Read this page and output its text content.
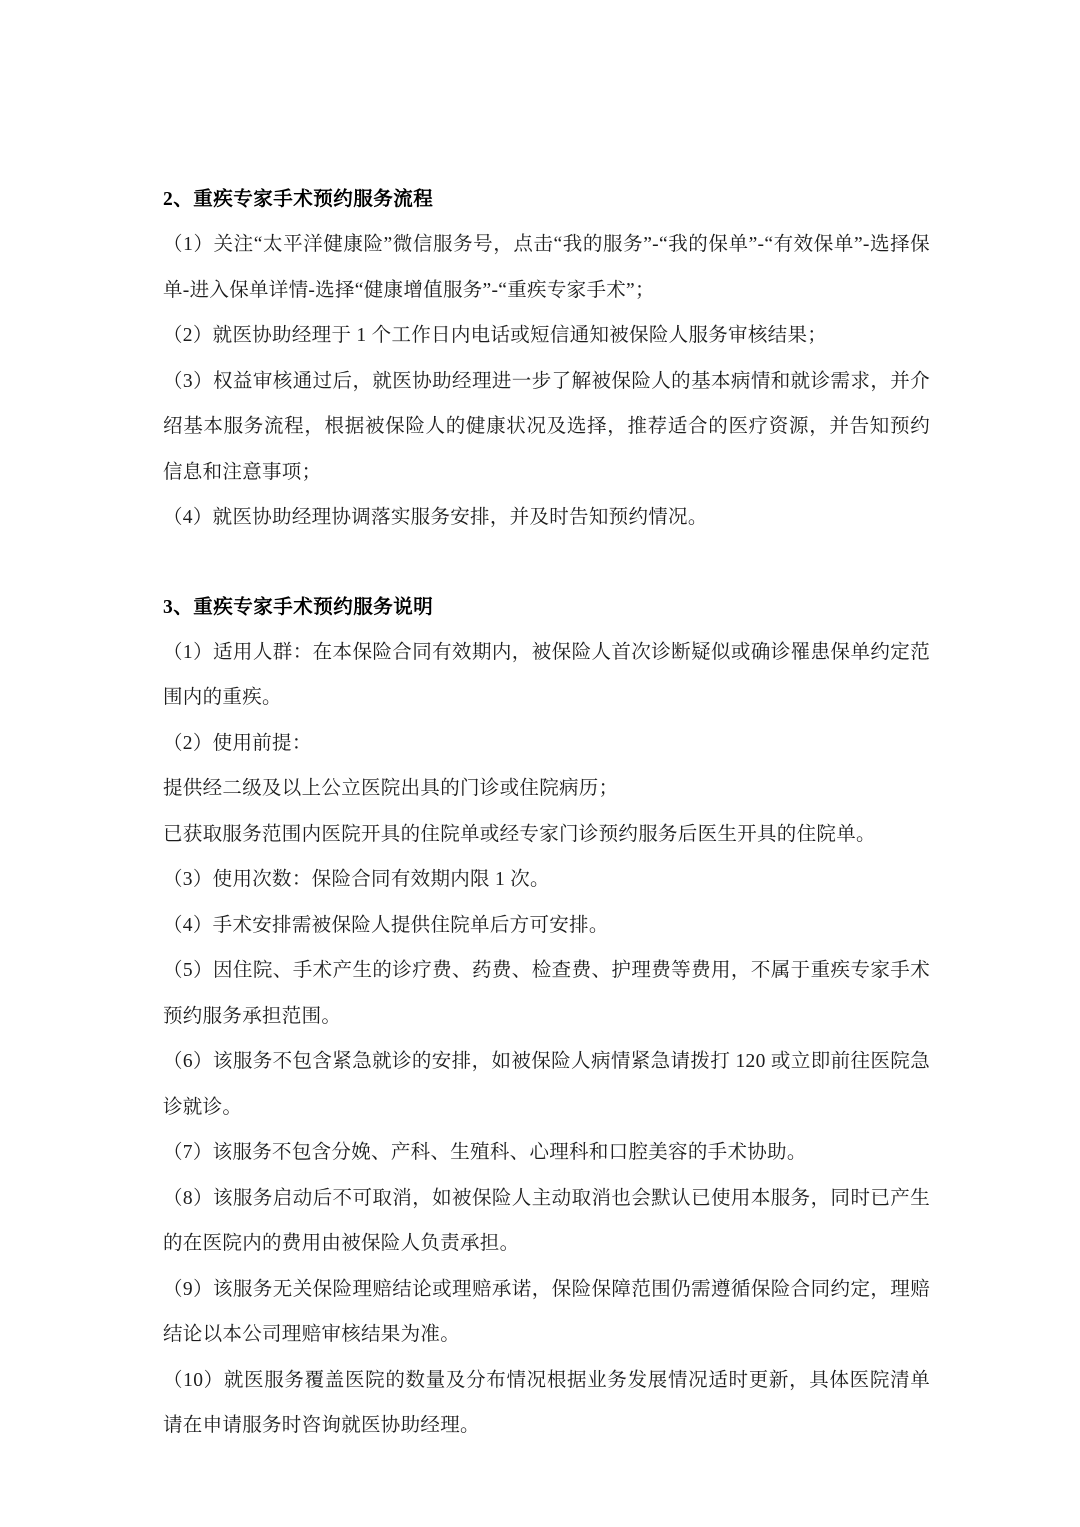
2、重疾专家手术预约服务流程

（1）关注“太平洋健康险”微信服务号，点击“我的服务”-“我的保单”-“有效保单”-选择保单-进入保单详情-选择“健康增值服务”-“重疾专家手术”；

（2）就医协助经理于 1 个工作日内电话或短信通知被保险人服务审核结果；

（3）权益审核通过后，就医协助经理进一步了解被保险人的基本病情和就诊需求，并介绍基本服务流程，根据被保险人的健康状况及选择，推荐适合的医疗资源，并告知预约信息和注意事项；

（4）就医协助经理协调落实服务安排，并及时告知预约情况。

3、重疾专家手术预约服务说明

（1）适用人群：在本保险合同有效期内，被保险人首次诊断疑似或确诊罹患保单约定范围内的重疾。

（2）使用前提：

提供经二级及以上公立医院出具的门诊或住院病历；

已获取服务范围内医院开具的住院单或经专家门诊预约服务后医生开具的住院单。

（3）使用次数：保险合同有效期内限 1 次。

（4）手术安排需被保险人提供住院单后方可安排。

（5）因住院、手术产生的诊疗费、药费、检查费、护理费等费用，不属于重疾专家手术预约服务承担范围。

（6）该服务不包含紧急就诊的安排，如被保险人病情紧急请拨打 120 或立即前往医院急诊就诊。

（7）该服务不包含分娩、产科、生殖科、心理科和口腔美容的手术协助。

（8）该服务启动后不可取消，如被保险人主动取消也会默认已使用本服务，同时已产生的在医院内的费用由被保险人负责承担。

（9）该服务无关保险理赔结论或理赔承诺，保险保障范围仍需遵循保险合同约定，理赔结论以本公司理赔审核结果为准。

（10）就医服务覆盖医院的数量及分布情况根据业务发展情况适时更新，具体医院清单请在申请服务时咨询就医协助经理。
